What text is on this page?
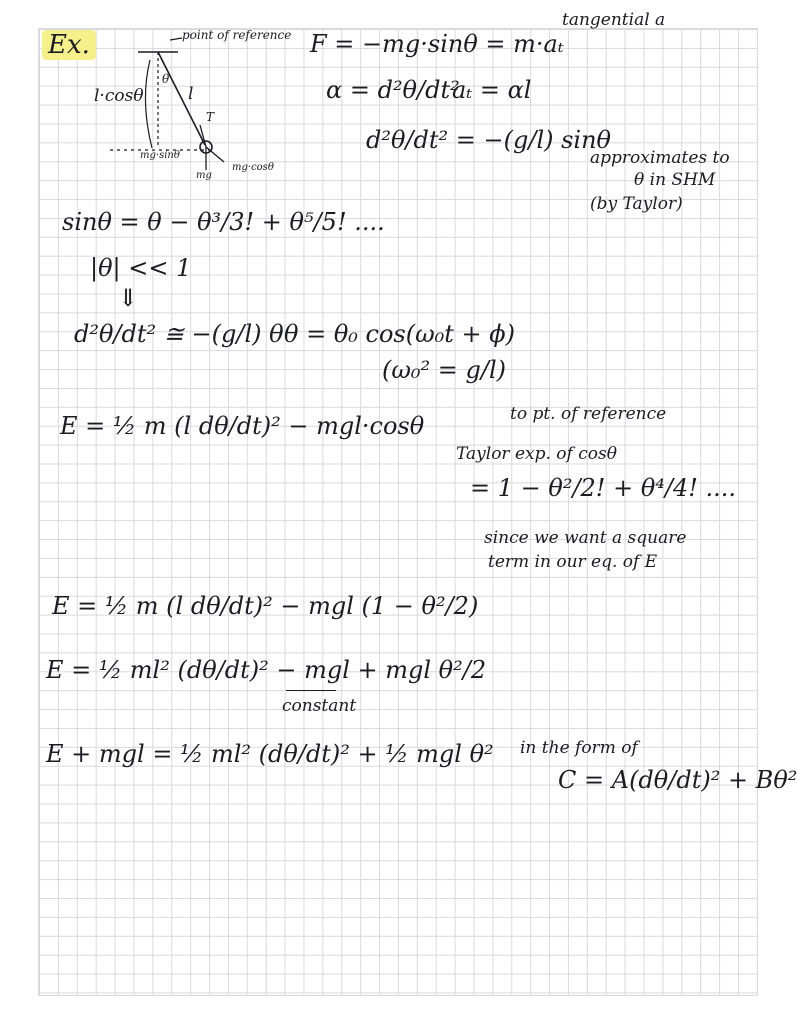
Ex.	point of reference
l·cosθ
θ
l
T
mg·sinθ
mg
mg·cosθ
F = −mg·sinθ = m·aₜ
tangential a
α = d²θ/dt²
aₜ = αl
d²θ/dt² = −(g/l) sinθ
approximates to
θ in SHM
(by Taylor)
sinθ = θ − θ³/3! + θ⁵/5! ....
|θ| << 1
⇓
d²θ/dt² ≅ −(g/l) θ θ = θ₀ cos(ω₀t + ϕ)
(ω₀² = g/l)
E = ½ m (l dθ/dt)² − mgl·cosθ	to pt. of reference
Taylor exp. of cosθ
= 1 − θ²/2! + θ⁴/4! ....
since we want a square
term in our eq. of E
E = ½ m (l dθ/dt)² − mgl (1 − θ²/2)
E = ½ ml² (dθ/dt)² − mgl + mgl θ²/2
constant
E + mgl = ½ ml² (dθ/dt)² + ½ mgl θ² in the form of
C = A(dθ/dt)² + Bθ²
